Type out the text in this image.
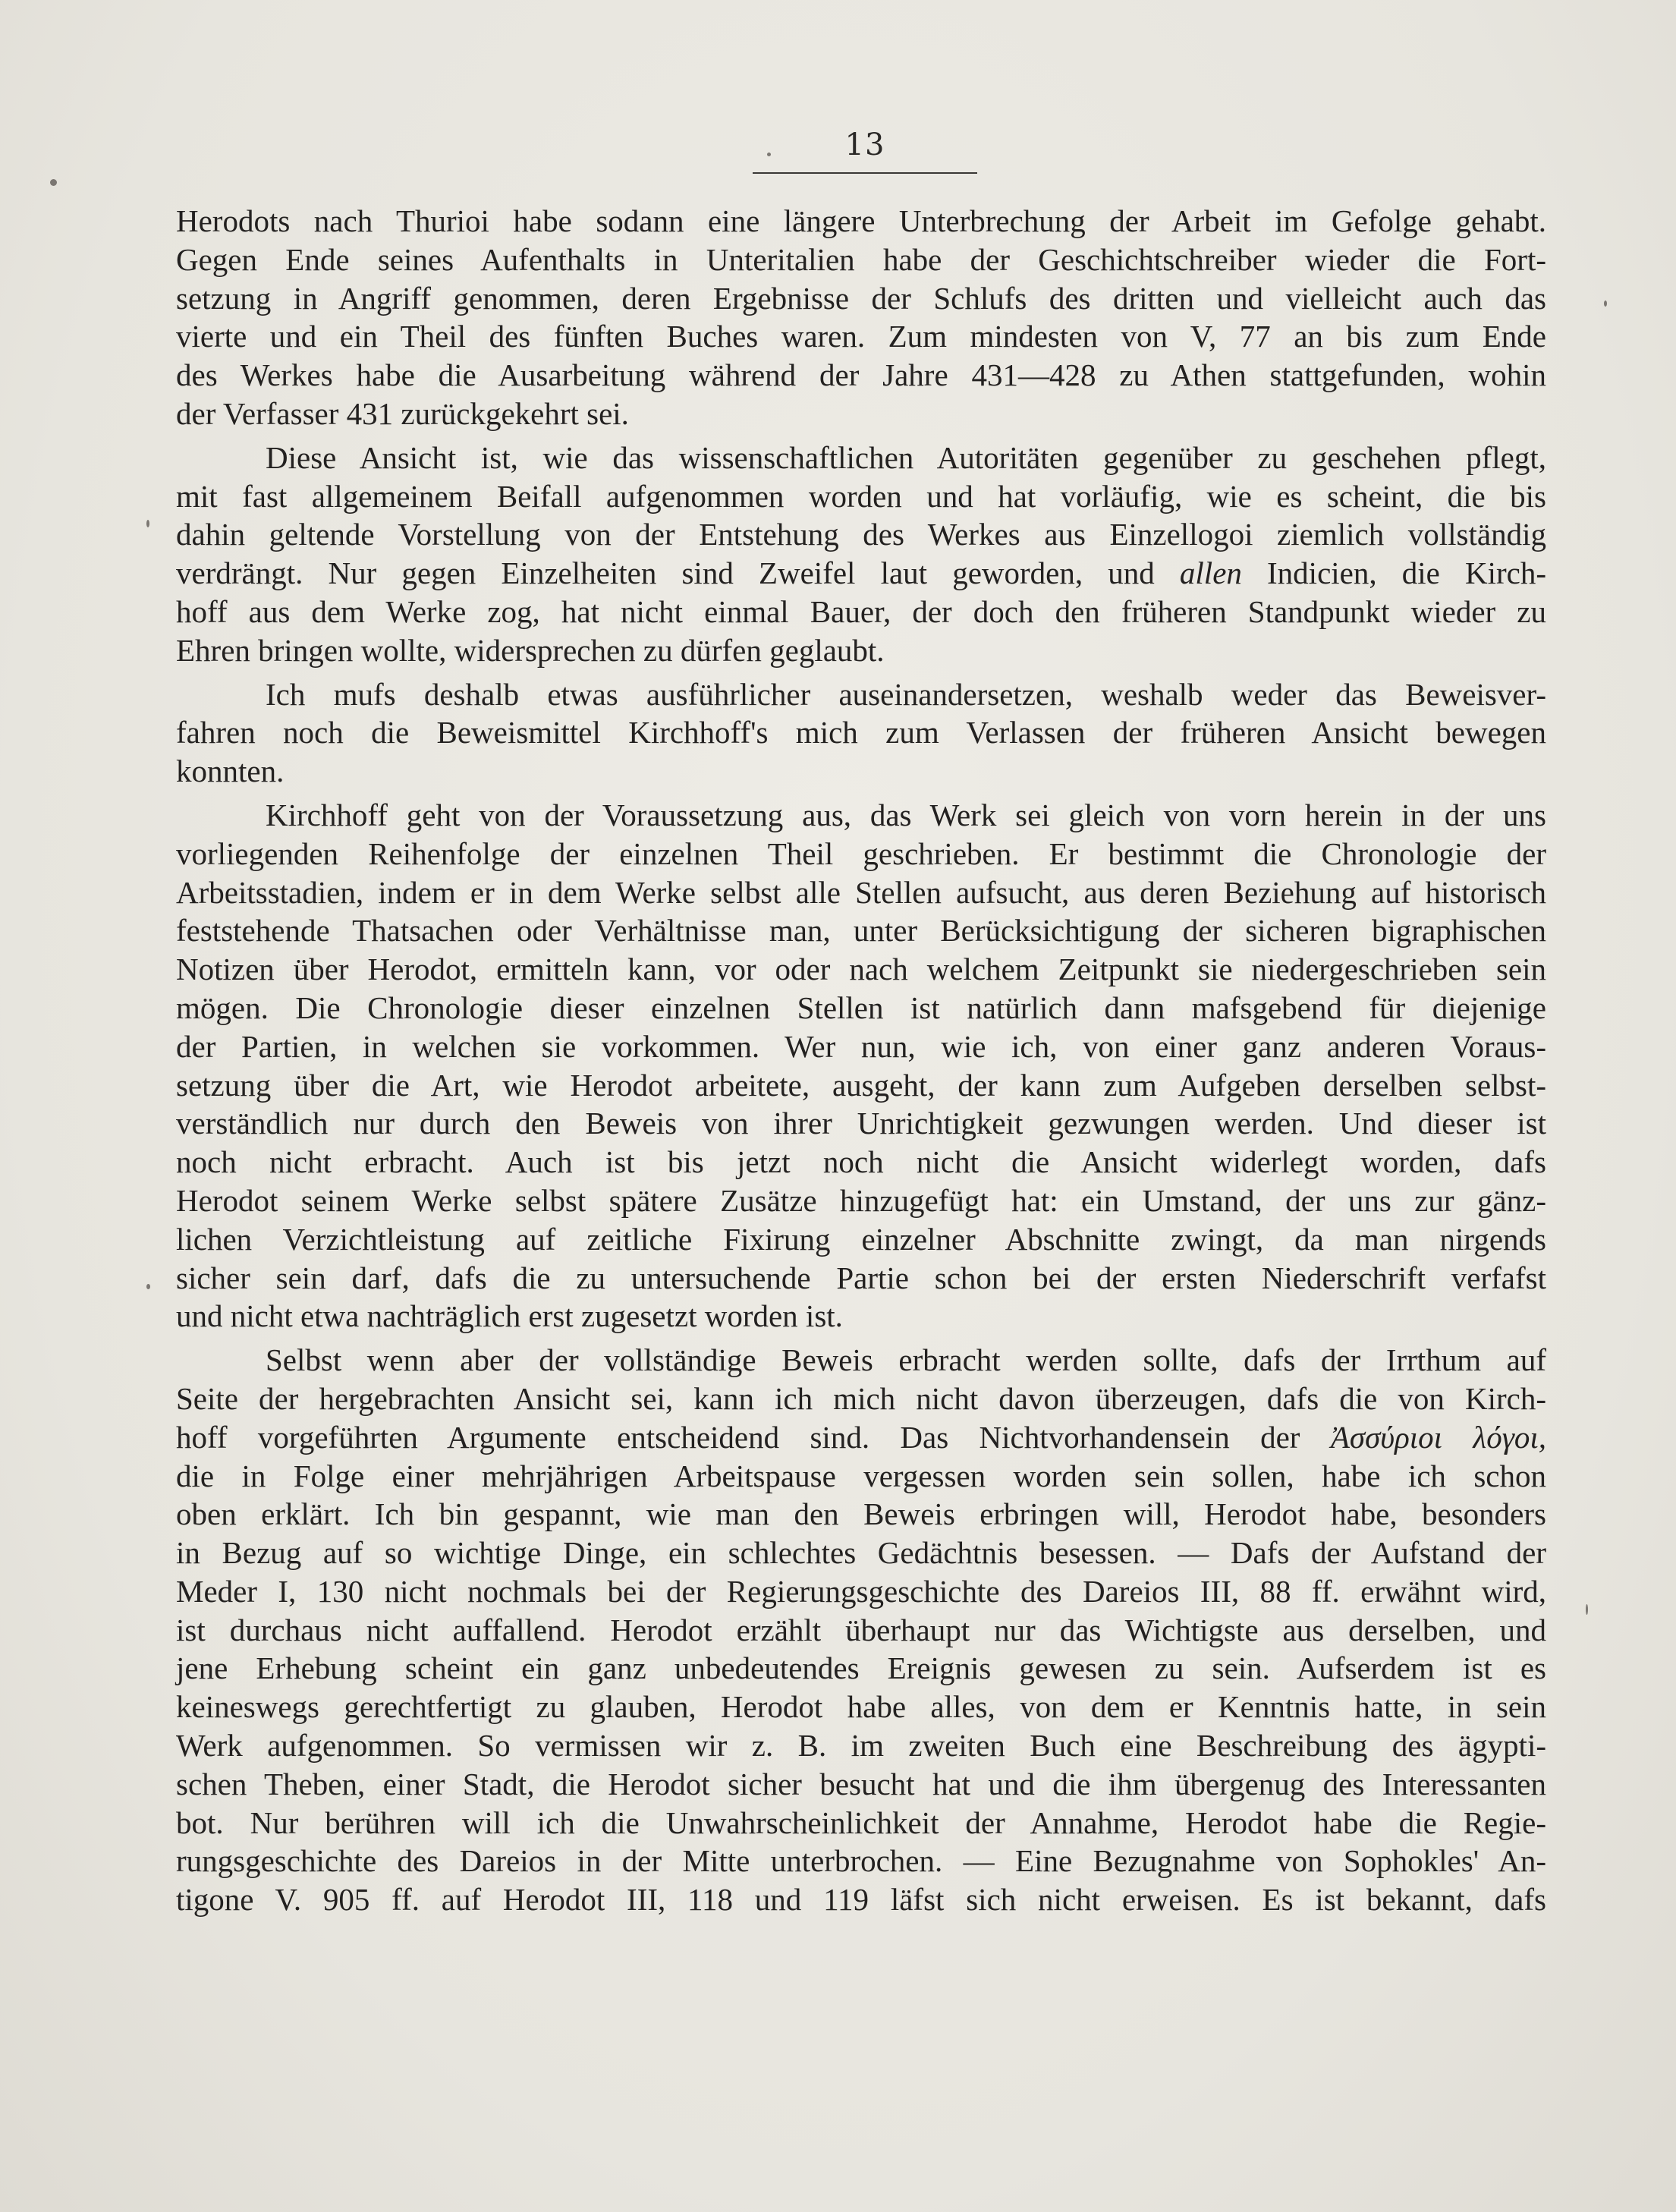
13
Herodots nach Thurioi habe sodann eine längere Unterbrechung der Arbeit im Gefolge gehabt.
Gegen Ende seines Aufenthalts in Unteritalien habe der Geschichtschreiber wieder die Fort-
setzung in Angriff genommen, deren Ergebnisse der Schlufs des dritten und vielleicht auch das
vierte und ein Theil des fünften Buches waren. Zum mindesten von V, 77 an bis zum Ende
des Werkes habe die Ausarbeitung während der Jahre 431—428 zu Athen stattgefunden, wohin
der Verfasser 431 zurückgekehrt sei.
Diese Ansicht ist, wie das wissenschaftlichen Autoritäten gegenüber zu geschehen pflegt,
mit fast allgemeinem Beifall aufgenommen worden und hat vorläufig, wie es scheint, die bis
dahin geltende Vorstellung von der Entstehung des Werkes aus Einzellogoi ziemlich vollständig
verdrängt. Nur gegen Einzelheiten sind Zweifel laut geworden, und allen Indicien, die Kirch-
hoff aus dem Werke zog, hat nicht einmal Bauer, der doch den früheren Standpunkt wieder zu
Ehren bringen wollte, widersprechen zu dürfen geglaubt.
Ich mufs deshalb etwas ausführlicher auseinandersetzen, weshalb weder das Beweisver-
fahren noch die Beweismittel Kirchhoff's mich zum Verlassen der früheren Ansicht bewegen
konnten.
Kirchhoff geht von der Voraussetzung aus, das Werk sei gleich von vorn herein in der uns
vorliegenden Reihenfolge der einzelnen Theil geschrieben. Er bestimmt die Chronologie der
Arbeitsstadien, indem er in dem Werke selbst alle Stellen aufsucht, aus deren Beziehung auf historisch
feststehende Thatsachen oder Verhältnisse man, unter Berücksichtigung der sicheren bigraphischen
Notizen über Herodot, ermitteln kann, vor oder nach welchem Zeitpunkt sie niedergeschrieben sein
mögen. Die Chronologie dieser einzelnen Stellen ist natürlich dann mafsgebend für diejenige
der Partien, in welchen sie vorkommen. Wer nun, wie ich, von einer ganz anderen Voraus-
setzung über die Art, wie Herodot arbeitete, ausgeht, der kann zum Aufgeben derselben selbst-
verständlich nur durch den Beweis von ihrer Unrichtigkeit gezwungen werden. Und dieser ist
noch nicht erbracht. Auch ist bis jetzt noch nicht die Ansicht widerlegt worden, dafs
Herodot seinem Werke selbst spätere Zusätze hinzugefügt hat: ein Umstand, der uns zur gänz-
lichen Verzichtleistung auf zeitliche Fixirung einzelner Abschnitte zwingt, da man nirgends
sicher sein darf, dafs die zu untersuchende Partie schon bei der ersten Niederschrift verfafst
und nicht etwa nachträglich erst zugesetzt worden ist.
Selbst wenn aber der vollständige Beweis erbracht werden sollte, dafs der Irrthum auf
Seite der hergebrachten Ansicht sei, kann ich mich nicht davon überzeugen, dafs die von Kirch-
hoff vorgeführten Argumente entscheidend sind. Das Nichtvorhandensein der Ἀσσύριοι λόγοι,
die in Folge einer mehrjährigen Arbeitspause vergessen worden sein sollen, habe ich schon
oben erklärt. Ich bin gespannt, wie man den Beweis erbringen will, Herodot habe, besonders
in Bezug auf so wichtige Dinge, ein schlechtes Gedächtnis besessen. — Dafs der Aufstand der
Meder I, 130 nicht nochmals bei der Regierungsgeschichte des Dareios III, 88 ff. erwähnt wird,
ist durchaus nicht auffallend. Herodot erzählt überhaupt nur das Wichtigste aus derselben, und
jene Erhebung scheint ein ganz unbedeutendes Ereignis gewesen zu sein. Aufserdem ist es
keineswegs gerechtfertigt zu glauben, Herodot habe alles, von dem er Kenntnis hatte, in sein
Werk aufgenommen. So vermissen wir z. B. im zweiten Buch eine Beschreibung des ägypti-
schen Theben, einer Stadt, die Herodot sicher besucht hat und die ihm übergenug des Interessanten
bot. Nur berühren will ich die Unwahrscheinlichkeit der Annahme, Herodot habe die Regie-
rungsgeschichte des Dareios in der Mitte unterbrochen. — Eine Bezugnahme von Sophokles' An-
tigone V. 905 ff. auf Herodot III, 118 und 119 läfst sich nicht erweisen. Es ist bekannt, dafs
